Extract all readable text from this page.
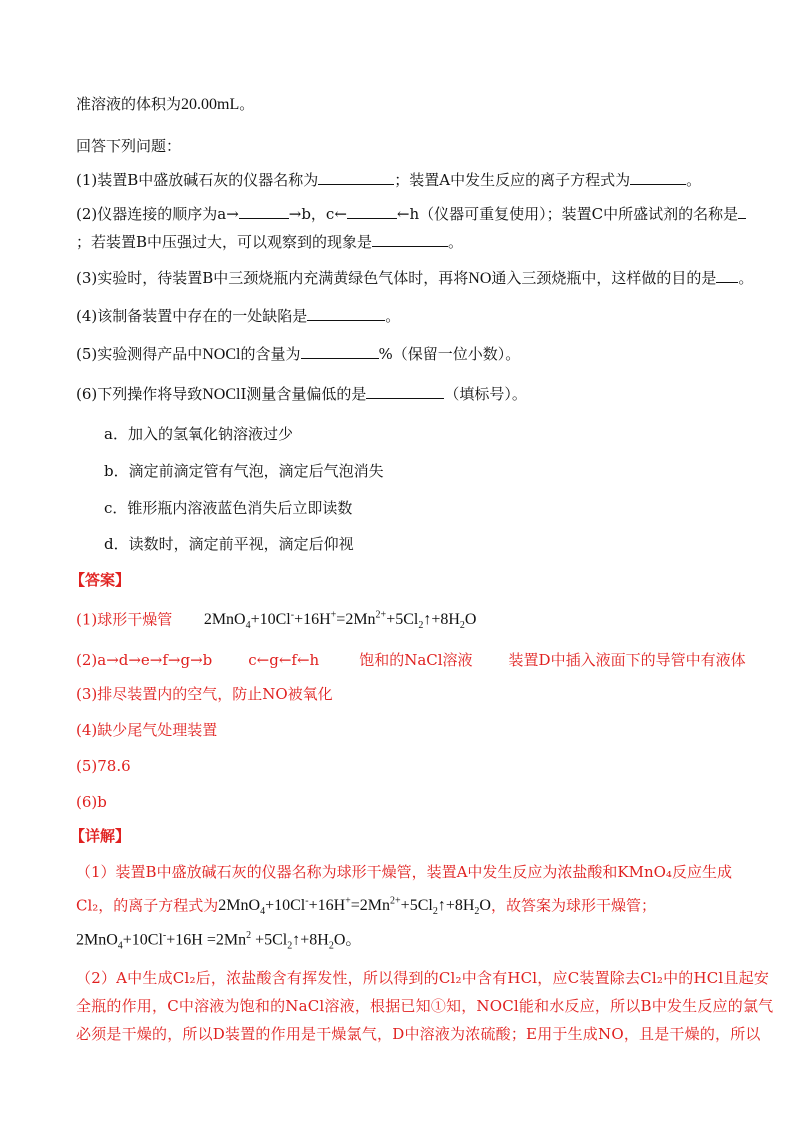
准溶液的体积为20.00mL。
回答下列问题：
(1)装置B中盛放碱石灰的仪器名称为	；装置A中发生反应的离子方程式为	。
(2)仪器连接的顺序为a→	→b，c←	←h（仪器可重复使用）；装置C中所盛试剂的名称是
；若装置B中压强过大，可以观察到的现象是	。
(3)实验时，待装置B中三颈烧瓶内充满黄绿色气体时，再将NO通入三颈烧瓶中，这样做的目的是 。
(4)该制备装置中存在的一处缺陷是	。
(5)实验测得产品中NOCl的含量为	%（保留一位小数）。
(6)下列操作将导致NOClI测量含量偏低的是	（填标号）。
a．加入的氢氧化钠溶液过少
b．滴定前滴定管有气泡，滴定后气泡消失
c．锥形瓶内溶液蓝色消失后立即读数
d．读数时，滴定前平视，滴定后仰视
【答案】
(1)球形干燥管 $2MnO_4+10Cl^-+16H^+=2Mn^{2+}+5Cl_2↑+8H_2O$
(2)a→d→e→f→g→b c←g←f←h	饱和的NaCl溶液 装置D中插入液面下的导管中有液体
(3)排尽装置内的空气，防止NO被氧化
(4)缺少尾气处理装置
(5)78.6
(6)b
【详解】
（1）装置B中盛放碱石灰的仪器名称为球形干燥管，装置A中发生反应为浓盐酸和KMnO₄反应生成
Cl₂，的离子方程式为$2MnO_4+10Cl^-+16H^+=2Mn^{2+}+5Cl_2↑+8H_2O$，故答案为球形干燥管；
$2MnO_4+10Cl^-+16H =2Mn^2$ $+5Cl_2↑+8H_2O$。
（2）A中生成Cl₂后，浓盐酸含有挥发性，所以得到的Cl₂中含有HCl，应C装置除去Cl₂中的HCl且起安
全瓶的作用，C中溶液为饱和的NaCl溶液，根据已知①知，NOCl能和水反应，所以B中发生反应的氯气
必须是干燥的，所以D装置的作用是干燥氯气，D中溶液为浓硫酸；E用于生成NO，且是干燥的，所以
